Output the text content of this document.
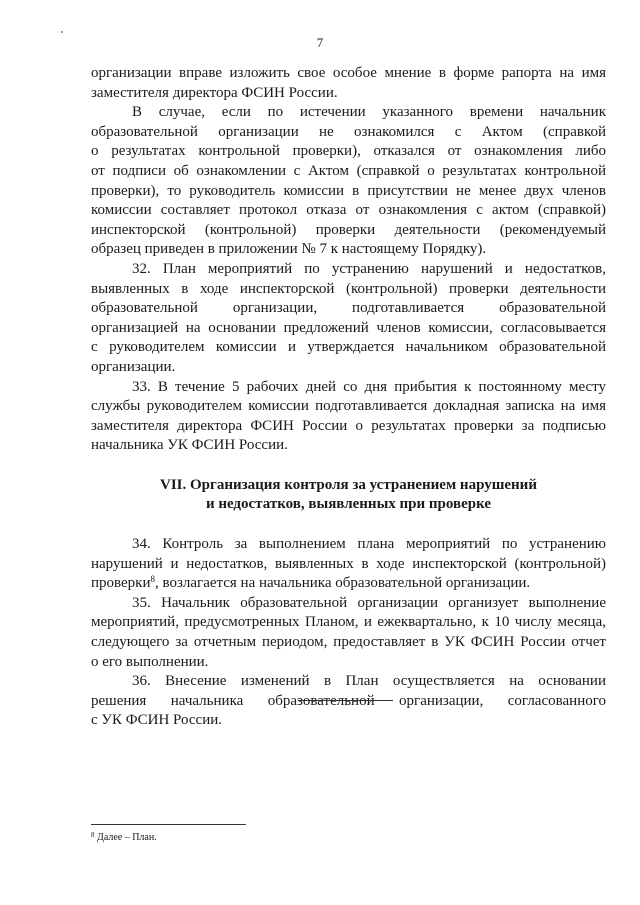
7
организации вправе изложить свое особое мнение в форме рапорта на имя
заместителя директора ФСИН России.
В случае, если по истечении указанного времени начальник
образовательной организации не ознакомился с Актом (справкой
о результатах контрольной проверки), отказался от ознакомления либо
от подписи об ознакомлении с Актом (справкой о результатах контрольной
проверки), то руководитель комиссии в присутствии не менее двух членов
комиссии составляет протокол отказа от ознакомления с актом (справкой)
инспекторской (контрольной) проверки деятельности (рекомендуемый
образец приведен в приложении № 7 к настоящему Порядку).
32. План мероприятий по устранению нарушений и недостатков,
выявленных в ходе инспекторской (контрольной) проверки деятельности
образовательной организации, подготавливается образовательной
организацией на основании предложений членов комиссии, согласовывается
с руководителем комиссии и утверждается начальником образовательной
организации.
33. В течение 5 рабочих дней со дня прибытия к постоянному месту
службы руководителем комиссии подготавливается докладная записка на имя
заместителя директора ФСИН России о результатах проверки за подписью
начальника УК ФСИН России.
VII. Организация контроля за устранением нарушений
и недостатков, выявленных при проверке
34. Контроль за выполнением плана мероприятий по устранению
нарушений и недостатков, выявленных в ходе инспекторской (контрольной)
проверки$^8$, возлагается на начальника образовательной организации.
35. Начальник образовательной организации организует выполнение
мероприятий, предусмотренных Планом, и ежеквартально, к 10 числу месяца,
следующего за отчетным периодом, предоставляет в УК ФСИН России отчет
о его выполнении.
36. Внесение изменений в План осуществляется на основании
решения начальника образовательной организации, согласованного
с УК ФСИН России.
$^8$ Далее – План.
